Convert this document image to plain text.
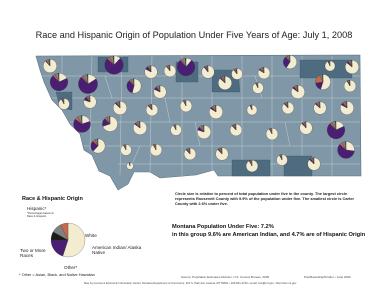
Race and Hispanic Origin of Population Under Five Years of Age: July 1, 2008
Race & Hispanic Origin
Hispanic*
*Percentages based on Race & Hispanic
White
Two or More Races
American Indian/ Alaska Native
Other*
* Other = Asian, Black, and Native Hawaiian
Circle size is relative to percent of total population under five in the county. The largest circle represents Roosevelt County with 9.9% of the population under five. The smallest circle is Carter County with 2.6% under five.
Montana Population Under Five: 7.2%
in this group 9.6% are American Indian, and 4.7% are of Hispanic Origin
Source: Population Estimates Division, U.S. Census Bureau, 2009	Pop/Race/Hisp5Under • June 2009
Map by Census & Economic Information Center, Montana Department of Commerce, 301 S. Park Ave, Helena, MT 59601 • 406-841-2740 • email: ceic@mt.gov • http://ceic.mt.gov
